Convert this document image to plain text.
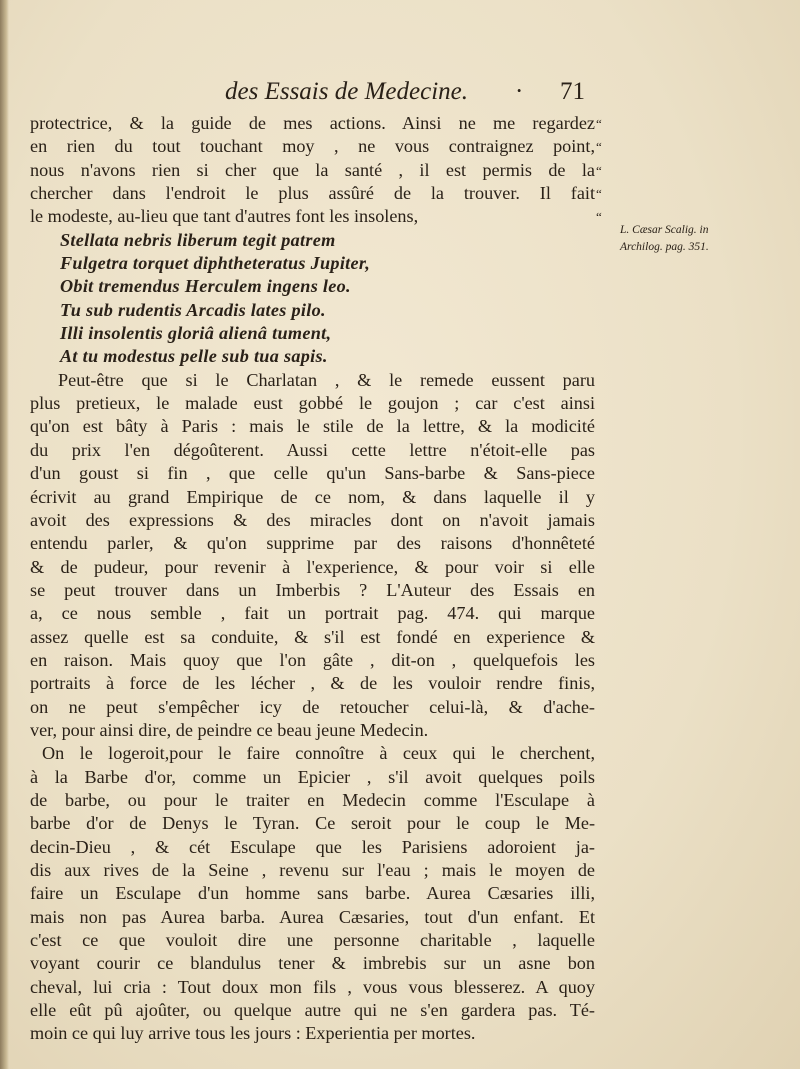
des Essais de Medecine. · 71
protectrice, & la guide de mes actions. Ainsi ne me regardez
en rien du tout touchant moy , ne vous contraignez point,
nous n'avons rien si cher que la santé , il est permis de la
chercher dans l'endroit le plus assûré de la trouver. Il fait
le modeste, au-lieu que tant d'autres font les insolens,
Stellata nebris liberum tegit patrem
Fulgetra torquet diphtheteratus Jupiter,
Obit tremendus Herculem ingens leo.
Tu sub rudentis Arcadis lates pilo.
Illi insolentis gloriâ alienâ tument,
At tu modestus pelle sub tua sapis.
Peut-être que si le Charlatan , & le remede eussent paru
plus pretieux, le malade eust gobbé le goujon ; car c'est ainsi
qu'on est bâty à Paris : mais le stile de la lettre, & la modicité
du prix l'en dégoûterent. Aussi cette lettre n'étoit-elle pas
d'un goust si fin , que celle qu'un Sans-barbe & Sans-piece
écrivit au grand Empirique de ce nom, & dans laquelle il y
avoit des expressions & des miracles dont on n'avoit jamais
entendu parler, & qu'on supprime par des raisons d'honnêteté
& de pudeur, pour revenir à l'experience, & pour voir si elle
se peut trouver dans un Imberbis ? L'Auteur des Essais en
a, ce nous semble , fait un portrait pag. 474. qui marque
assez quelle est sa conduite, & s'il est fondé en experience &
en raison. Mais quoy que l'on gâte , dit-on , quelquefois les
portraits à force de les lécher , & de les vouloir rendre finis,
on ne peut s'empêcher icy de retoucher celui-là, & d'ache-
ver, pour ainsi dire, de peindre ce beau jeune Medecin.
On le logeroit,pour le faire connoître à ceux qui le cherchent,
à la Barbe d'or, comme un Epicier , s'il avoit quelques poils
de barbe, ou pour le traiter en Medecin comme l'Esculape à
barbe d'or de Denys le Tyran. Ce seroit pour le coup le Me-
decin-Dieu , & cét Esculape que les Parisiens adoroient ja-
dis aux rives de la Seine , revenu sur l'eau ; mais le moyen de
faire un Esculape d'un homme sans barbe. Aurea Cæsaries illi,
mais non pas Aurea barba. Aurea Cæsaries, tout d'un enfant. Et
c'est ce que vouloit dire une personne charitable , laquelle
voyant courir ce blandulus tener & imbrebis sur un asne bon
cheval, lui cria : Tout doux mon fils , vous vous blesserez. A quoy
elle eût pû ajoûter, ou quelque autre qui ne s'en gardera pas. Té-
moin ce qui luy arrive tous les jours : Experientia per mortes.
“
“
“
“
“
L. Cæsar Scalig. in
Archilog. pag. 351.
